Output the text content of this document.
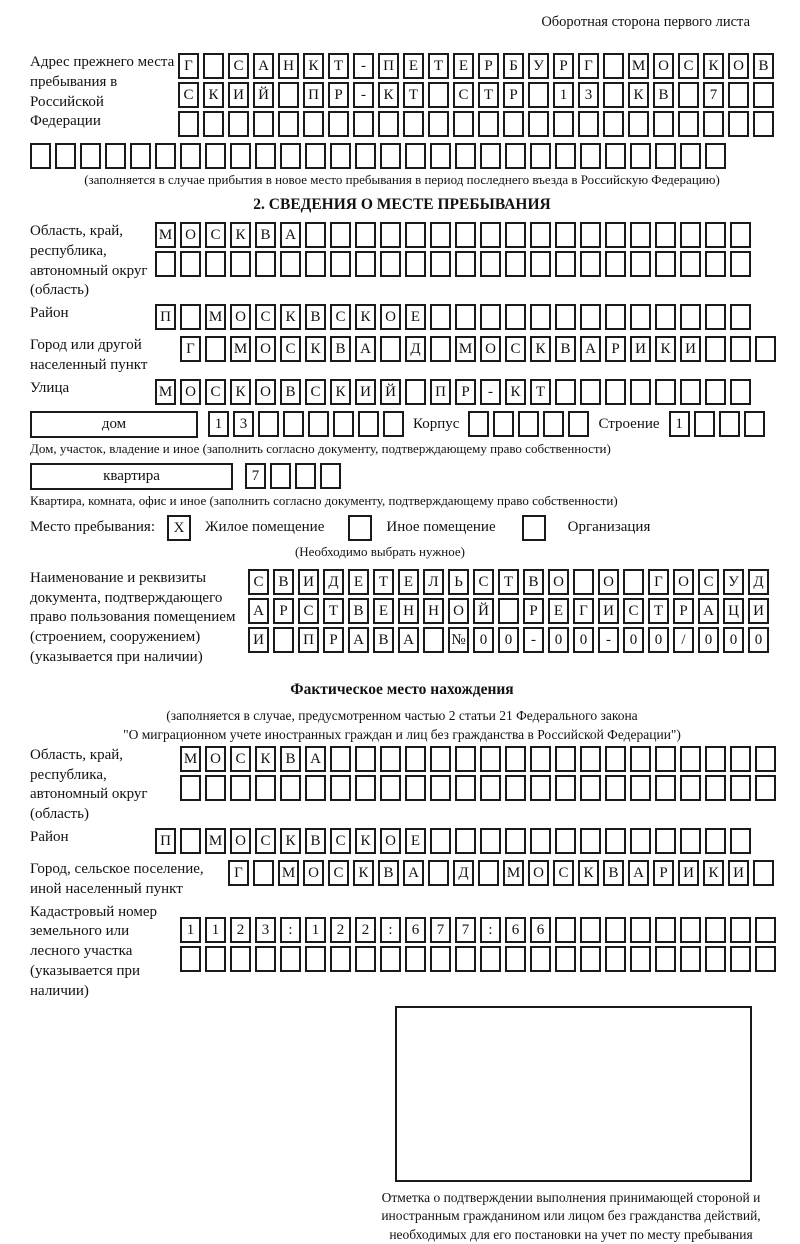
Оборотная сторона первого листа
Адрес прежнего места пребывания в Российской Федерации
Г	С А Н К	Т	-	П Е	Т	Е	Р	Б	У	Р	Г	М О С К О В
С К И Й	П	Р	-	К	Т	С	Т	Р	1	3	К В	7
(заполняется в случае прибытия в новое место пребывания в период последнего въезда в Российскую Федерацию)
2. СВЕДЕНИЯ О МЕСТЕ ПРЕБЫВАНИЯ
Область, край, республика, автономный округ (область)
М О С К В А
Район	П	М О С К В С К О Е
Город или другой населенный пункт
Г	М О С К В А	Д	М О С К В А	Р	И К И
Улица	М О С К О В С К И Й	П	Р	-	К	Т
дом	1	3	Корпус	Строение	1
Дом, участок, владение и иное (заполнить согласно документу, подтверждающему право собственности)
квартира	7
Квартира, комната, офис и иное (заполнить согласно документу, подтверждающему право собственности)
Место пребывания:	X	Жилое помещение	Иное помещение	Организация
(Необходимо выбрать нужное)
Наименование и реквизиты документа, подтверждающего право пользования помещением (строением, сооружением) (указывается при наличии)
С В И Д	Е	Т	Е	Л	Ь	С	Т	В О	О	Г	О С У Д
А	Р	С	Т	В	Е	Н Н О Й	Р	Е	Г	И С	Т	Р	А Ц И
И	П	Р	А В А	№ 0	0	-	0	0	-	0	0	/	0	0	0
Фактическое место нахождения
(заполняется в случае, предусмотренном частью 2 статьи 21 Федерального закона
"О миграционном учете иностранных граждан и лиц без гражданства в Российской Федерации")
Область, край, республика, автономный округ (область)
М О С К В А
Район	П	М О С К В С К О Е
Город, сельское поселение, иной населенный пункт
Г	М О С К В А	Д	М О С К В А	Р	И К И
Кадастровый номер земельного или лесного участка (указывается при наличии)
1	1	2	3	:	1	2	2	:	6	7	7	:	6	6
Отметка о подтверждении выполнения принимающей стороной и иностранным гражданином или лицом без гражданства действий, необходимых для его постановки на учет по месту пребывания
